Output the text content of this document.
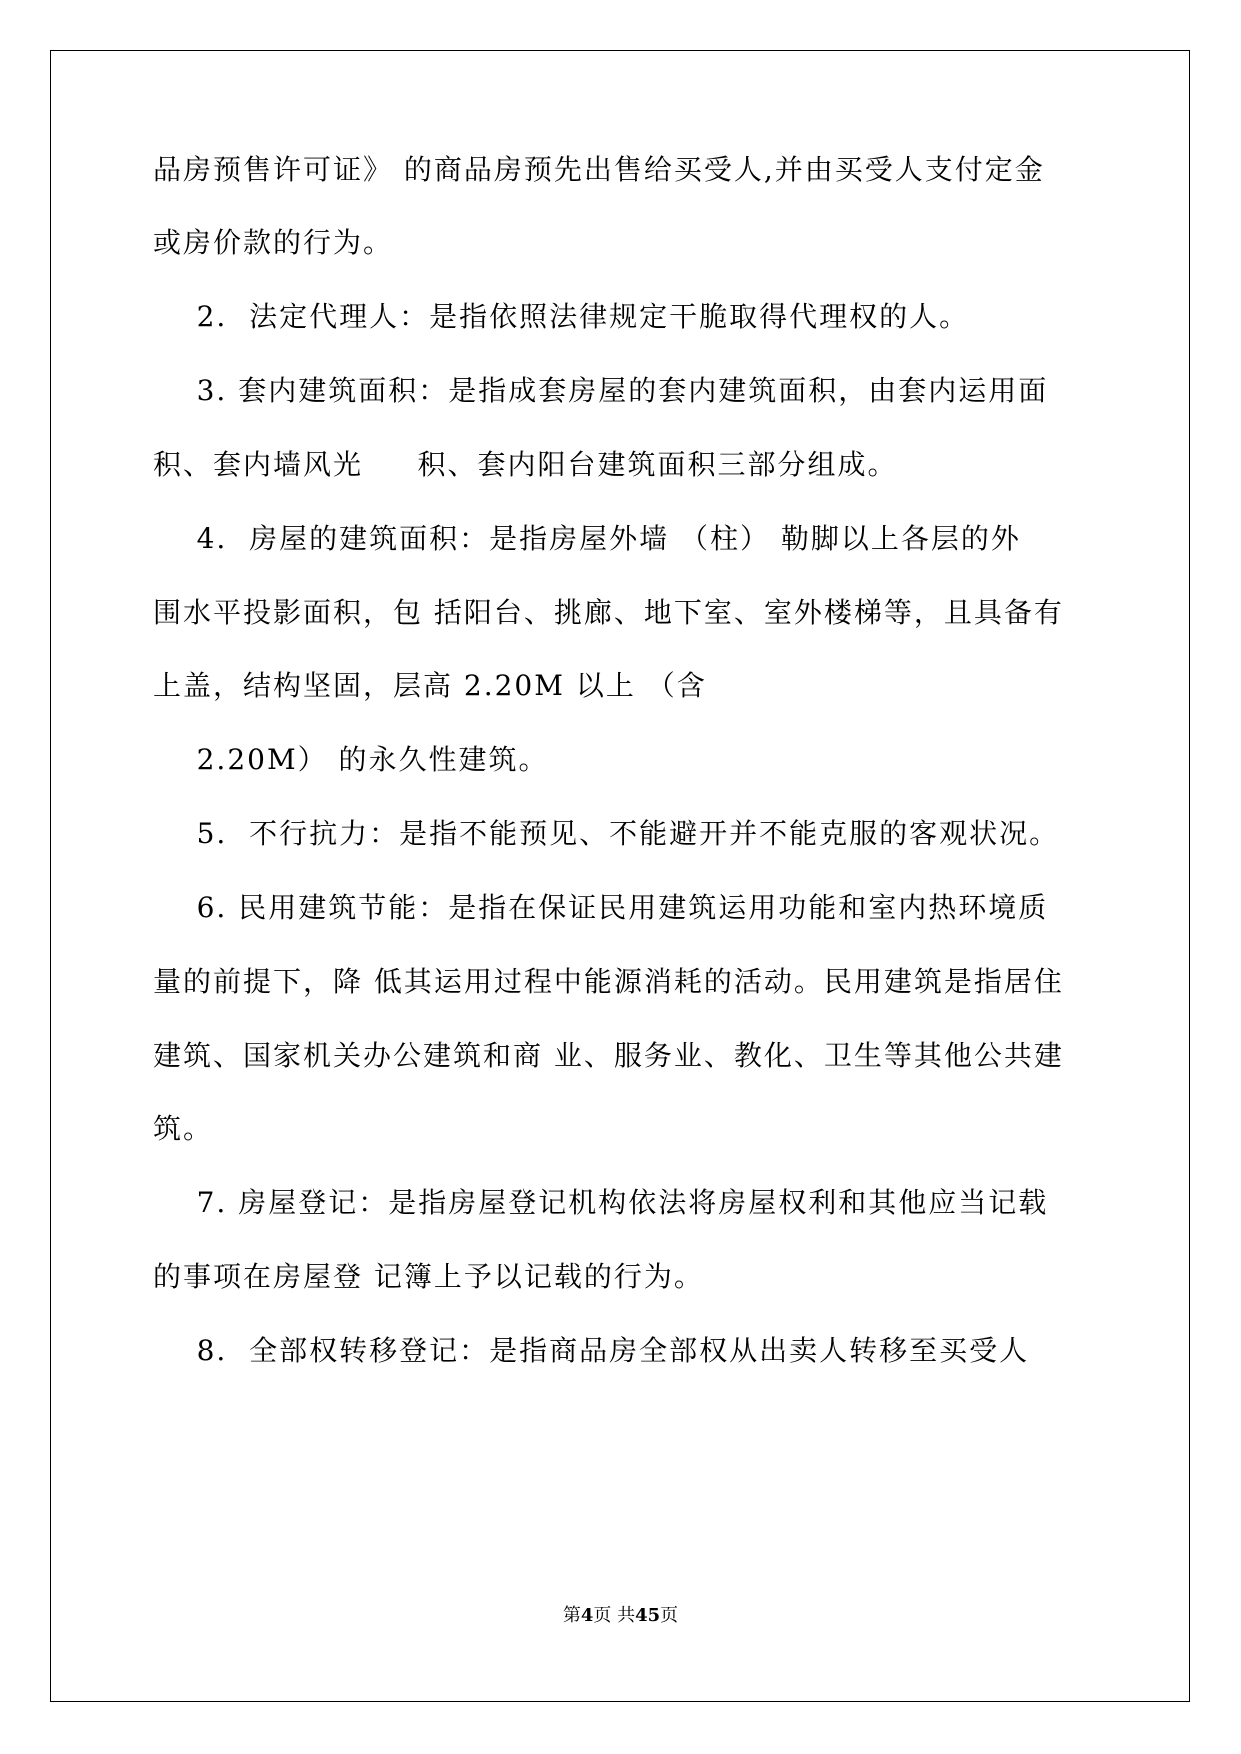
品房预售许可证》 的商品房预先出售给买受人,并由买受人支付定金
或房价款的行为。
2.  法定代理人：是指依照法律规定干脆取得代理权的人。
3. 套内建筑面积：是指成套房屋的套内建筑面积，由套内运用面
积、套内墙风光     积、套内阳台建筑面积三部分组成。
4.  房屋的建筑面积：是指房屋外墙 （柱） 勒脚以上各层的外
围水平投影面积，包 括阳台、挑廊、地下室、室外楼梯等，且具备有
上盖，结构坚固，层高 2.20M 以上 （含
2.20M） 的永久性建筑。
5.  不行抗力：是指不能预见、不能避开并不能克服的客观状况。
6. 民用建筑节能：是指在保证民用建筑运用功能和室内热环境质
量的前提下，降 低其运用过程中能源消耗的活动。民用建筑是指居住
建筑、国家机关办公建筑和商 业、服务业、教化、卫生等其他公共建
筑。
7. 房屋登记：是指房屋登记机构依法将房屋权利和其他应当记载
的事项在房屋登 记簿上予以记载的行为。
8.  全部权转移登记：是指商品房全部权从出卖人转移至买受人
第4页 共45页
